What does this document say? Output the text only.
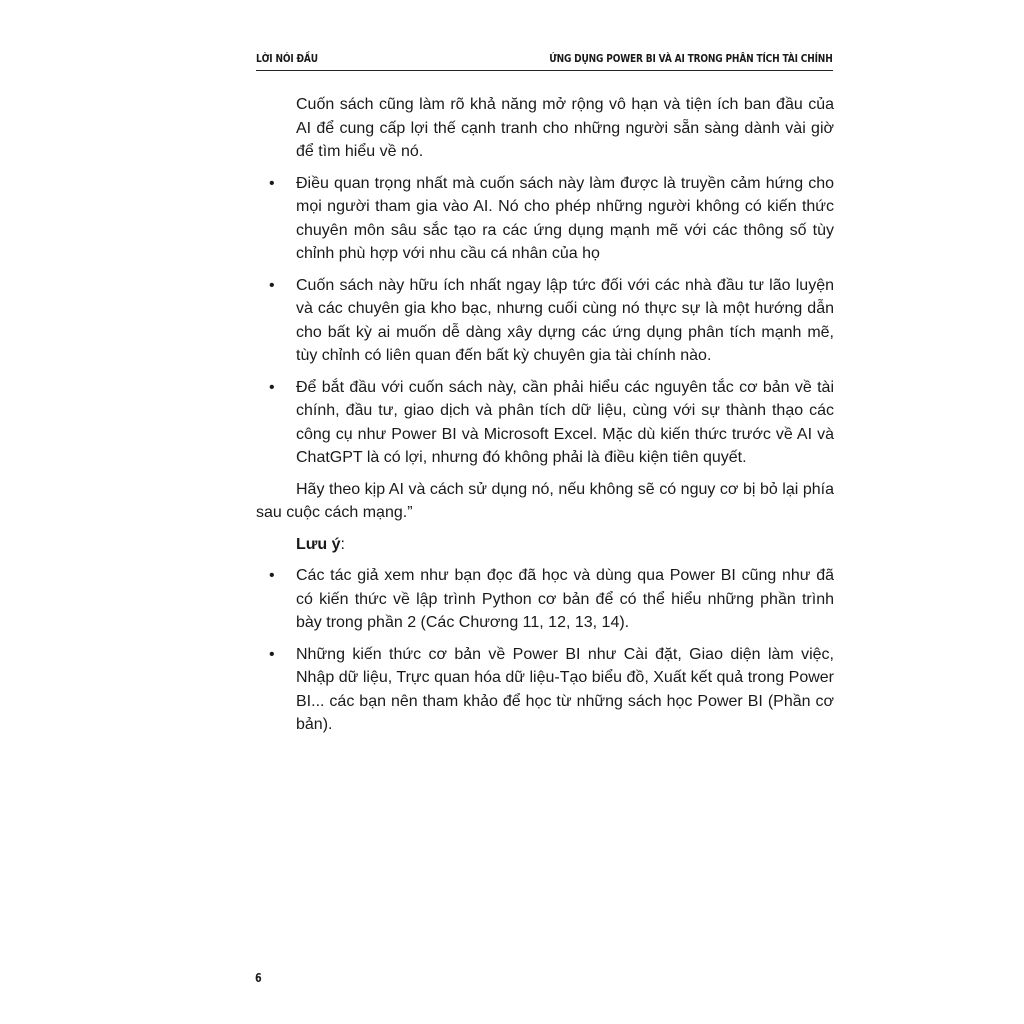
LỜI NÓI ĐẦU	ỨNG DỤNG POWER BI VÀ AI TRONG PHÂN TÍCH TÀI CHÍNH

Cuốn sách cũng làm rõ khả năng mở rộng vô hạn và tiện ích ban đầu của AI để cung cấp lợi thế cạnh tranh cho những người sẵn sàng dành vài giờ để tìm hiểu về nó.

• Điều quan trọng nhất mà cuốn sách này làm được là truyền cảm hứng cho mọi người tham gia vào AI. Nó cho phép những người không có kiến thức chuyên môn sâu sắc tạo ra các ứng dụng mạnh mẽ với các thông số tùy chỉnh phù hợp với nhu cầu cá nhân của họ
• Cuốn sách này hữu ích nhất ngay lập tức đối với các nhà đầu tư lão luyện và các chuyên gia kho bạc, nhưng cuối cùng nó thực sự là một hướng dẫn cho bất kỳ ai muốn dễ dàng xây dựng các ứng dụng phân tích mạnh mẽ, tùy chỉnh có liên quan đến bất kỳ chuyên gia tài chính nào.
• Để bắt đầu với cuốn sách này, cần phải hiểu các nguyên tắc cơ bản về tài chính, đầu tư, giao dịch và phân tích dữ liệu, cùng với sự thành thạo các công cụ như Power BI và Microsoft Excel. Mặc dù kiến thức trước về AI và ChatGPT là có lợi, nhưng đó không phải là điều kiện tiên quyết.

Hãy theo kịp AI và cách sử dụng nó, nếu không sẽ có nguy cơ bị bỏ lại phía sau cuộc cách mạng.”

Lưu ý:

• Các tác giả xem như bạn đọc đã học và dùng qua Power BI cũng như đã có kiến thức về lập trình Python cơ bản để có thể hiểu những phần trình bày trong phần 2 (Các Chương 11, 12, 13, 14).
• Những kiến thức cơ bản về Power BI như Cài đặt, Giao diện làm việc, Nhập dữ liệu, Trực quan hóa dữ liệu-Tạo biểu đồ, Xuất kết quả trong Power BI... các bạn nên tham khảo để học từ những sách học Power BI (Phần cơ bản).
6
